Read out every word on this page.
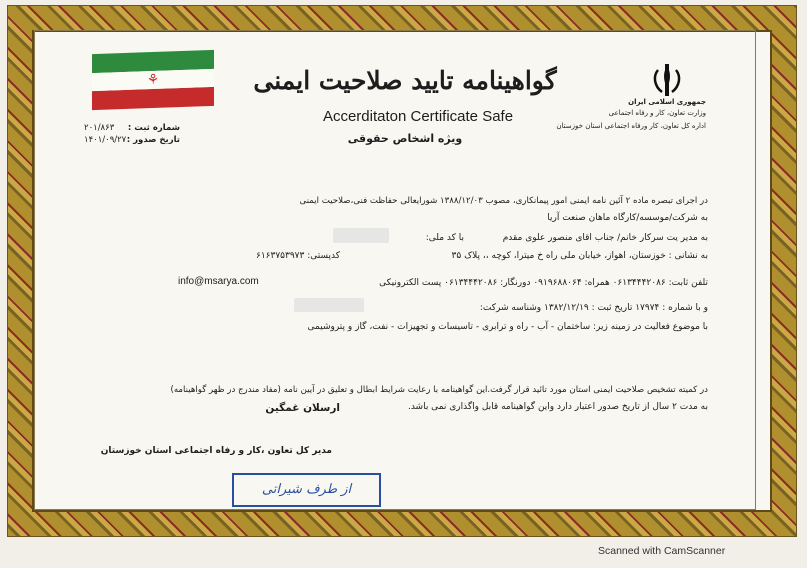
⚘
جمهوری اسلامی ایران
وزارت تعاون، کار و رفاه اجتماعی
اداره کل تعاون، کار ورفاه اجتماعی استان خوزستان
گواهینامه تایید صلاحیت ایمنی
Accerditaton Certificate Safe
ویژه اشخاص حقوقی
شماره ثبت :
۲۰۱/۸۶۳
تاریخ صدور :
۱۴۰۱/۰۹/۲۷
در اجرای تبصره ماده ۲ آئین نامه ایمنی امور پیمانکاری، مصوب ۱۳۸۸/۱۲/۰۳ شورایعالی حفاظت فنی،صلاحیت ایمنی
به شرکت/موسسه/کارگاه ماهان صنعت آریا
به مدیر یت سرکار خانم/ جناب اقای منصور علوی مقدم
با کد ملی:
به نشانی : خوزستان، اهواز، خیابان ملی راه خ میترا، کوچه ،، پلاک ۳۵
کدپستی: ۶۱۶۳۷۵۳۹۷۳
تلفن ثابت: ۰۶۱۳۴۴۴۲۰۸۶ همراه: ۰۹۱۹۶۸۸۰۶۴ دورنگار: ۰۶۱۳۴۴۴۲۰۸۶ پست الکترونیکی
info@msarya.com
و با شماره : ۱۷۹۷۴ تاریخ ثبت : ۱۳۸۲/۱۲/۱۹ وشناسه شرکت:
با موضوع فعالیت در زمینه زیر: ساختمان - آب - راه و ترابری - تاسیسات و تجهیزات - نفت، گاز و پتروشیمی
در کمیته تشخیص صلاحیت ایمنی استان مورد تائید قرار گرفت.این گواهینامه با رعایت شرایط ابطال و تعلیق در آیین نامه (مفاد مندرج در ظهر گواهینامه)
به مدت ۲ سال از تاریخ صدور اعتبار دارد واین گواهینامه قابل واگذاری نمی باشد.
ارسلان غمگین
مدیر کل تعاون ،کار و رفاه اجتماعی استان خوزستان
از طرف شیراتی
Scanned with CamScanner
